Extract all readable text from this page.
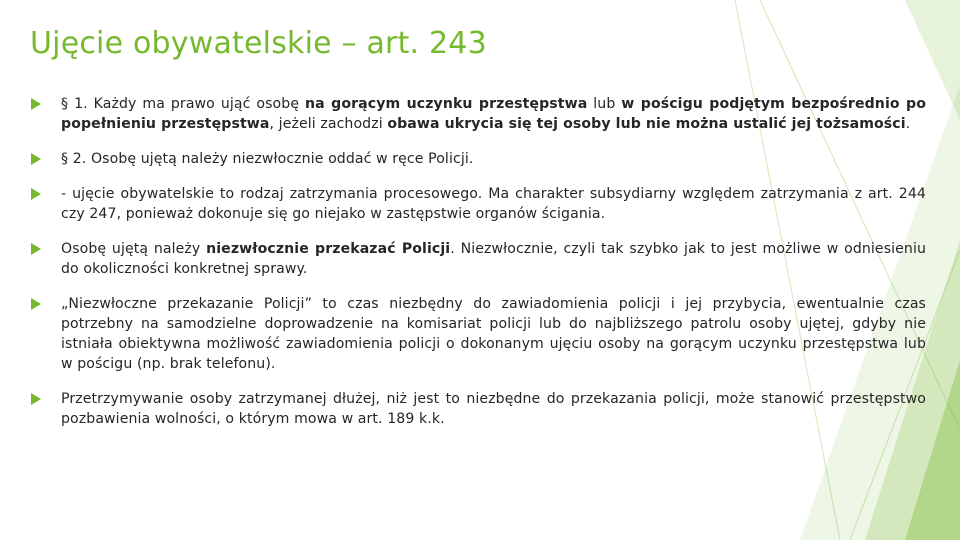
Ujęcie obywatelskie – art. 243
§ 1. Każdy ma prawo ująć osobę na gorącym uczynku przestępstwa lub w pościgu podjętym bezpośrednio po popełnieniu przestępstwa, jeżeli zachodzi obawa ukrycia się tej osoby lub nie można ustalić jej tożsamości.
§ 2. Osobę ujętą należy niezwłocznie oddać w ręce Policji.
- ujęcie obywatelskie to rodzaj zatrzymania procesowego. Ma charakter subsydiarny względem zatrzymania z art. 244 czy 247, ponieważ dokonuje się go niejako w zastępstwie organów ścigania.
Osobę ujętą należy niezwłocznie przekazać Policji. Niezwłocznie, czyli tak szybko jak to jest możliwe w odniesieniu do okoliczności konkretnej sprawy.
„Niezwłoczne przekazanie Policji” to czas niezbędny do zawiadomienia policji i jej przybycia, ewentualnie czas potrzebny na samodzielne doprowadzenie na komisariat policji lub do najbliższego patrolu osoby ujętej, gdyby nie istniała obiektywna możliwość zawiadomienia policji o dokonanym ujęciu osoby na gorącym uczynku przestępstwa lub w pościgu (np. brak telefonu).
Przetrzymywanie osoby zatrzymanej dłużej, niż jest to niezbędne do przekazania policji, może stanowić przestępstwo pozbawienia wolności, o którym mowa w art. 189 k.k.
